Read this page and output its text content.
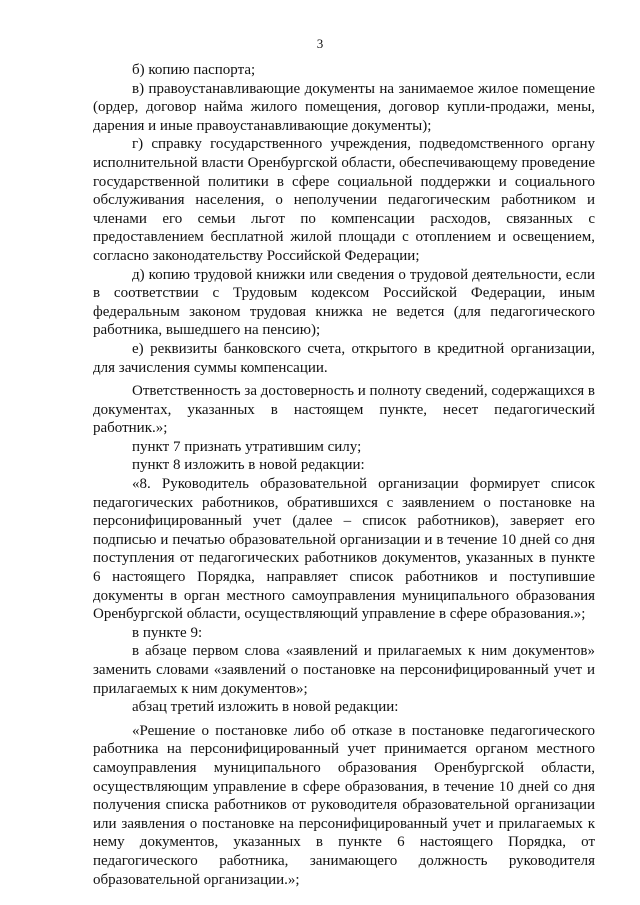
3

б) копию паспорта;

в) правоустанавливающие документы на занимаемое жилое помещение (ордер, договор найма жилого помещения, договор купли-продажи, мены, дарения и иные правоустанавливающие документы);

г) справку государственного учреждения, подведомственного органу исполнительной власти Оренбургской области, обеспечивающему проведение государственной политики в сфере социальной поддержки и социального обслуживания населения, о неполучении педагогическим работником и членами его семьи льгот по компенсации расходов, связанных с предоставлением бесплатной жилой площади с отоплением и освещением, согласно законодательству Российской Федерации;

д) копию трудовой книжки или сведения о трудовой деятельности, если в соответствии с Трудовым кодексом Российской Федерации, иным федеральным законом трудовая книжка не ведется (для педагогического работника, вышедшего на пенсию);

е) реквизиты банковского счета, открытого в кредитной организации, для зачисления суммы компенсации.

Ответственность за достоверность и полноту сведений, содержащихся в документах, указанных в настоящем пункте, несет педагогический работник.»;

пункт 7 признать утратившим силу;

пункт 8 изложить в новой редакции:

«8. Руководитель образовательной организации формирует список педагогических работников, обратившихся с заявлением о постановке на персонифицированный учет (далее – список работников), заверяет его подписью и печатью образовательной организации и в течение 10 дней со дня поступления от педагогических работников документов, указанных в пункте 6 настоящего Порядка, направляет список работников и поступившие документы в орган местного самоуправления муниципального образования Оренбургской области, осуществляющий управление в сфере образования.»;

в пункте 9:

в абзаце первом слова «заявлений и прилагаемых к ним документов» заменить словами «заявлений о постановке на персонифицированный учет и прилагаемых к ним документов»;

абзац третий изложить в новой редакции:

«Решение о постановке либо об отказе в постановке педагогического работника на персонифицированный учет принимается органом местного самоуправления муниципального образования Оренбургской области, осуществляющим управление в сфере образования, в течение 10 дней со дня получения списка работников от руководителя образовательной организации или заявления о постановке на персонифицированный учет и прилагаемых к нему документов, указанных в пункте 6 настоящего Порядка, от педагогического работника, занимающего должность руководителя образовательной организации.»;
